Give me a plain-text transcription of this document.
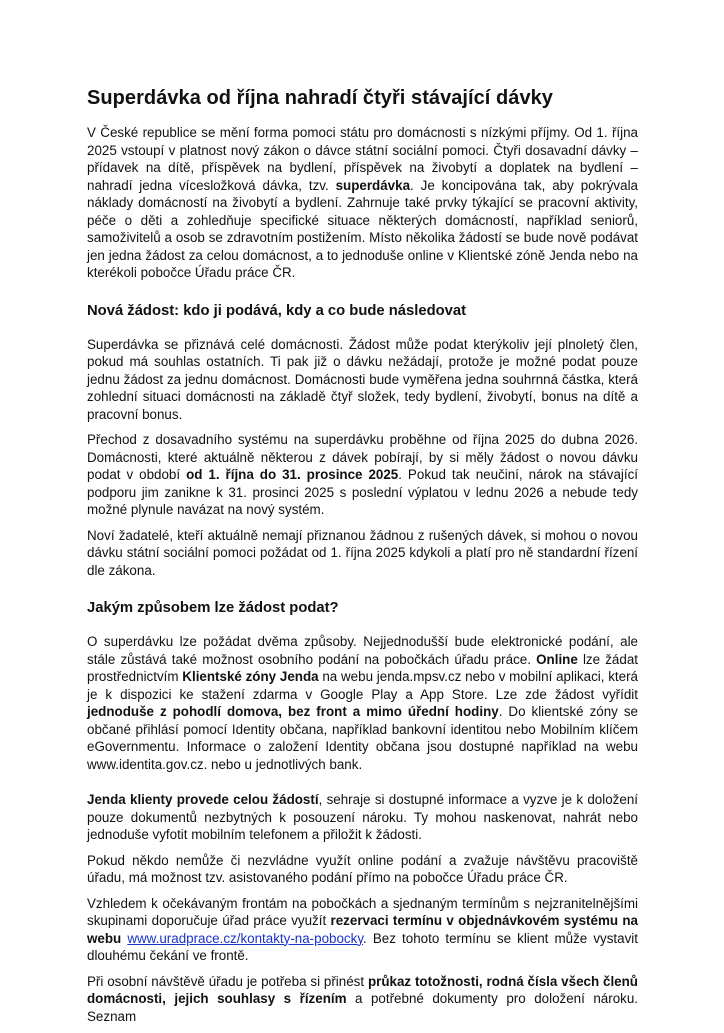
Superdávka od října nahradí čtyři stávající dávky

V České republice se mění forma pomoci státu pro domácnosti s nízkými příjmy. Od 1. října 2025 vstoupí v platnost nový zákon o dávce státní sociální pomoci. Čtyři dosavadní dávky – přídavek na dítě, příspěvek na bydlení, příspěvek na živobytí a doplatek na bydlení – nahradí jedna vícesložková dávka, tzv. superdávka. Je koncipována tak, aby pokrývala náklady domácností na živobytí a bydlení. Zahrnuje také prvky týkající se pracovní aktivity, péče o děti a zohledňuje specifické situace některých domácností, například seniorů, samoživitelů a osob se zdravotním postižením. Místo několika žádostí se bude nově podávat jen jedna žádost za celou domácnost, a to jednoduše online v Klientské zóně Jenda nebo na kterékoli pobočce Úřadu práce ČR.

Nová žádost: kdo ji podává, kdy a co bude následovat

Superdávka se přiznává celé domácnosti. Žádost může podat kterýkoliv její plnoletý člen, pokud má souhlas ostatních. Ti pak již o dávku nežádají, protože je možné podat pouze jednu žádost za jednu domácnost. Domácnosti bude vyměřena jedna souhrnná částka, která zohlední situaci domácnosti na základě čtyř složek, tedy bydlení, živobytí, bonus na dítě a pracovní bonus.

Přechod z dosavadního systému na superdávku proběhne od října 2025 do dubna 2026. Domácnosti, které aktuálně některou z dávek pobírají, by si měly žádost o novou dávku podat v období od 1. října do 31. prosince 2025. Pokud tak neučiní, nárok na stávající podporu jim zanikne k 31. prosinci 2025 s poslední výplatou v lednu 2026 a nebude tedy možné plynule navázat na nový systém.

Noví žadatelé, kteří aktuálně nemají přiznanou žádnou z rušených dávek, si mohou o novou dávku státní sociální pomoci požádat od 1. října 2025 kdykoli a platí pro ně standardní řízení dle zákona.

Jakým způsobem lze žádost podat?

O superdávku lze požádat dvěma způsoby. Nejjednodušší bude elektronické podání, ale stále zůstává také možnost osobního podání na pobočkách úřadu práce. Online lze žádat prostřednictvím Klientské zóny Jenda na webu jenda.mpsv.cz nebo v mobilní aplikaci, která je k dispozici ke stažení zdarma v Google Play a App Store. Lze zde žádost vyřídit jednoduše z pohodlí domova, bez front a mimo úřední hodiny. Do klientské zóny se občané přihlásí pomocí Identity občana, například bankovní identitou nebo Mobilním klíčem eGovernmentu. Informace o založení Identity občana jsou dostupné například na webu www.identita.gov.cz. nebo u jednotlivých bank.

Jenda klienty provede celou žádostí, sehraje si dostupné informace a vyzve je k doložení pouze dokumentů nezbytných k posouzení nároku. Ty mohou naskenovat, nahrát nebo jednoduše vyfotit mobilním telefonem a přiložit k žádosti.

Pokud někdo nemůže či nezvládne využít online podání a zvažuje návštěvu pracoviště úřadu, má možnost tzv. asistovaného podání přímo na pobočce Úřadu práce ČR.

Vzhledem k očekávaným frontám na pobočkách a sjednaným termínům s nejzranitelnějšími skupinami doporučuje úřad práce využít rezervaci termínu v objednávkovém systému na webu www.uradprace.cz/kontakty-na-pobocky. Bez tohoto termínu se klient může vystavit dlouhému čekání ve frontě.

Při osobní návštěvě úřadu je potřeba si přinést průkaz totožnosti, rodná čísla všech členů domácnosti, jejich souhlasy s řízením a potřebné dokumenty pro doložení nároku. Seznam
